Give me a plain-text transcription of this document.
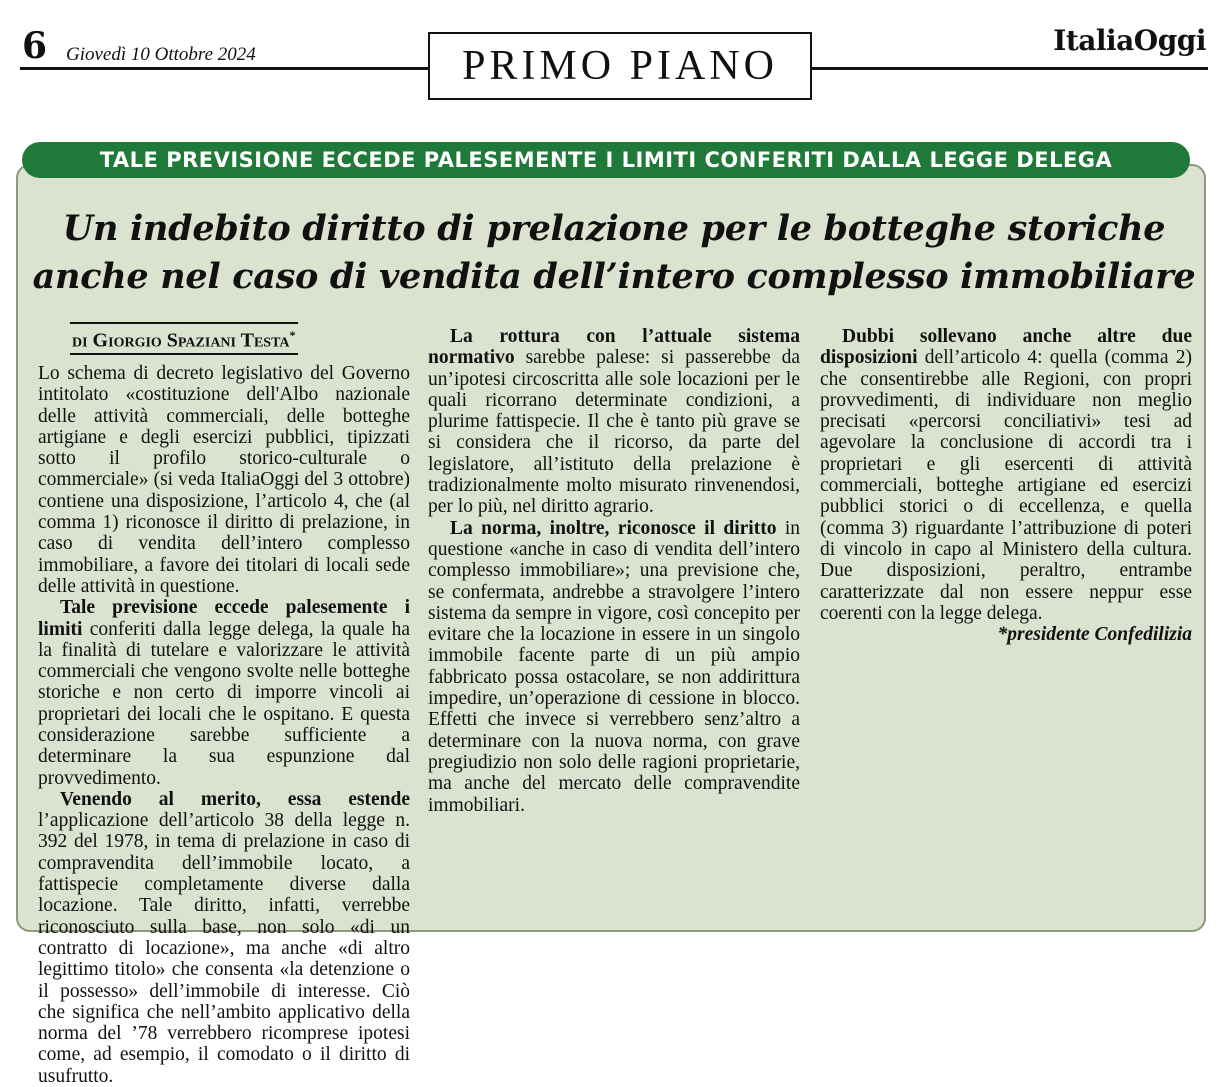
6 Giovedì 10 Ottobre 2024	PRIMO PIANO
ItaliaOggi
TALE PREVISIONE ECCEDE PALESEMENTE I LIMITI CONFERITI DALLA LEGGE DELEGA
Un indebito diritto di prelazione per le botteghe storiche
anche nel caso di vendita dell’intero complesso immobiliare
di Giorgio Spaziani Testa*

Lo schema di decreto legislativo del Governo intitolato «costituzione dell'Albo nazionale delle attività commerciali, delle botteghe artigiane e degli esercizi pubblici, tipizzati sotto il profilo storico-culturale o commerciale» (si veda ItaliaOggi del 3 ottobre) contiene una disposizione, l’articolo 4, che (al comma 1) riconosce il diritto di prelazione, in caso di vendita dell’intero complesso immobiliare, a favore dei titolari di locali sede delle attività in questione.

Tale previsione eccede palesemente i limiti conferiti dalla legge delega, la quale ha la finalità di tutelare e valorizzare le attività commerciali che vengono svolte nelle botteghe storiche e non certo di imporre vincoli ai proprietari dei locali che le ospitano. E questa considerazione sarebbe sufficiente a determinare la sua espunzione dal provvedimento.

Venendo al merito, essa estende l’applicazione dell’articolo 38 della legge n. 392 del 1978, in tema di prelazione in caso di compravendita dell’immobile locato, a fattispecie completamente diverse dalla locazione. Tale diritto, infatti, verrebbe riconosciuto sulla base, non solo «di un contratto di locazione», ma anche «di altro legittimo titolo» che consenta «la detenzione o il possesso» dell’immobile di interesse. Ciò che significa che nell’ambito applicativo della norma del ’78 verrebbero ricomprese ipotesi come, ad esempio, il comodato o il diritto di usufrutto.

La rottura con l’attuale sistema normativo sarebbe palese: si passerebbe da un’ipotesi circoscritta alle sole locazioni per le quali ricorrano determinate condizioni, a plurime fattispecie. Il che è tanto più grave se si considera che il ricorso, da parte del legislatore, all’istituto della prelazione è tradizionalmente molto misurato rinvenendosi, per lo più, nel diritto agrario.

La norma, inoltre, riconosce il diritto in questione «anche in caso di vendita dell’intero complesso immobiliare»; una previsione che, se confermata, andrebbe a stravolgere l’intero sistema da sempre in vigore, così concepito per evitare che la locazione in essere in un singolo immobile facente parte di un più ampio fabbricato possa ostacolare, se non addirittura impedire, un’operazione di cessione in blocco. Effetti che invece si verrebbero senz’altro a determinare con la nuova norma, con grave pregiudizio non solo delle ragioni proprietarie, ma anche del mercato delle compravendite immobiliari.

Dubbi sollevano anche altre due disposizioni dell’articolo 4: quella (comma 2) che consentirebbe alle Regioni, con propri provvedimenti, di individuare non meglio precisati «percorsi conciliativi» tesi ad agevolare la conclusione di accordi tra i proprietari e gli esercenti di attività commerciali, botteghe artigiane ed esercizi pubblici storici o di eccellenza, e quella (comma 3) riguardante l’attribuzione di poteri di vincolo in capo al Ministero della cultura. Due disposizioni, peraltro, entrambe caratterizzate dal non essere neppur esse coerenti con la legge delega.

*presidente Confedilizia
